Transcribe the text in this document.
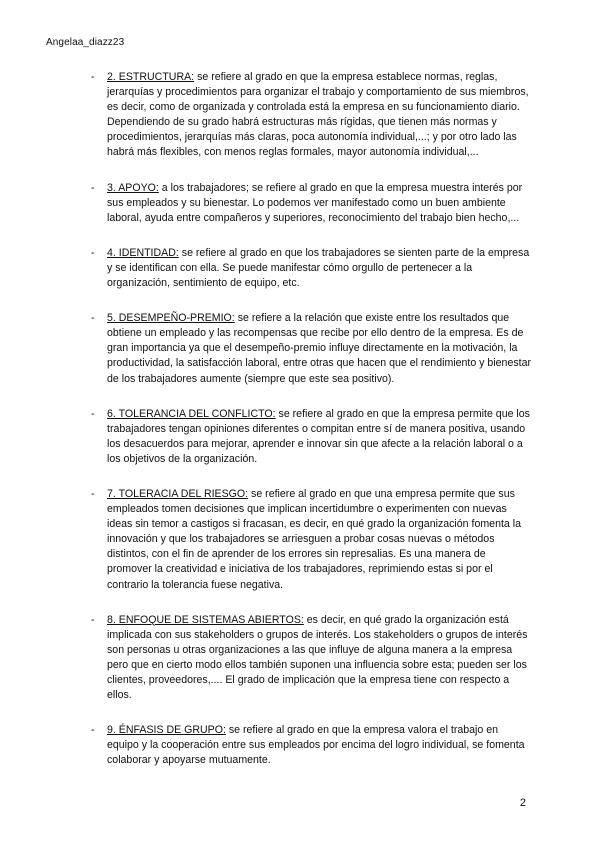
Angelaa_diazz23
- 2. ESTRUCTURA: se refiere al grado en que la empresa establece normas, reglas, jerarquías y procedimientos para organizar el trabajo y comportamiento de sus miembros, es decir, como de organizada y controlada está la empresa en su funcionamiento diario. Dependiendo de su grado habrá estructuras más rígidas, que tienen más normas y procedimientos, jerarquías más claras, poca autonomía individual,...; y por otro lado las habrá más flexibles, con menos reglas formales, mayor autonomía individual,...
- 3. APOYO: a los trabajadores; se refiere al grado en que la empresa muestra interés por sus empleados y su bienestar. Lo podemos ver manifestado como un buen ambiente laboral, ayuda entre compañeros y superiores, reconocimiento del trabajo bien hecho,...
- 4. IDENTIDAD: se refiere al grado en que los trabajadores se sienten parte de la empresa y se identifican con ella. Se puede manifestar cómo orgullo de pertenecer a la organización, sentimiento de equipo, etc.
- 5. DESEMPEÑO-PREMIO: se refiere a la relación que existe entre los resultados que obtiene un empleado y las recompensas que recibe por ello dentro de la empresa. Es de gran importancia ya que el desempeño-premio influye directamente en la motivación, la productividad, la satisfacción laboral, entre otras que hacen que el rendimiento y bienestar de los trabajadores aumente (siempre que este sea positivo).
- 6. TOLERANCIA DEL CONFLICTO: se refiere al grado en que la empresa permite que los trabajadores tengan opiniones diferentes o compitan entre sí de manera positiva, usando los desacuerdos para mejorar, aprender e innovar sin que afecte a la relación laboral o a los objetivos de la organización.
- 7. TOLERACIA DEL RIESGO: se refiere al grado en que una empresa permite que sus empleados tomen decisiones que implican incertidumbre o experimenten con nuevas ideas sin temor a castigos si fracasan, es decir, en qué grado la organización fomenta la innovación y que los trabajadores se arriesguen a probar cosas nuevas o métodos distintos, con el fin de aprender de los errores sin represalias. Es una manera de promover la creatividad e iniciativa de los trabajadores, reprimiendo estas si por el contrario la tolerancia fuese negativa.
- 8. ENFOQUE DE SISTEMAS ABIERTOS: es decir, en qué grado la organización está implicada con sus stakeholders o grupos de interés. Los stakeholders o grupos de interés son personas u otras organizaciones a las que influye de alguna manera a la empresa pero que en cierto modo ellos también suponen una influencia sobre esta; pueden ser los clientes, proveedores,.... El grado de implicación que la empresa tiene con respecto a ellos.
- 9. ÉNFASIS DE GRUPO: se refiere al grado en que la empresa valora el trabajo en equipo y la cooperación entre sus empleados por encima del logro individual, se fomenta colaborar y apoyarse mutuamente.
2
